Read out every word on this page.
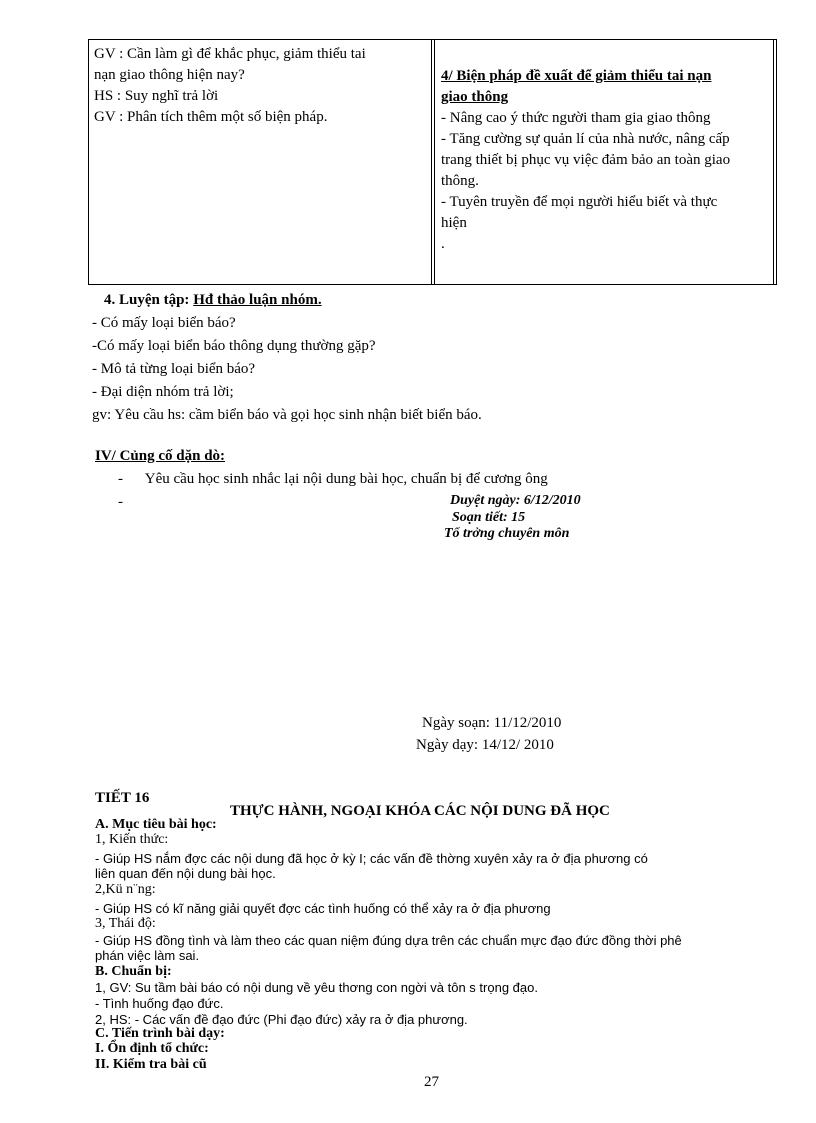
GV : Cần làm gì để khắc phục, giảm thiểu tai
nạn giao thông hiện nay?
HS : Suy nghĩ trả lời
GV : Phân tích thêm một số biện pháp.
4/ Biện pháp đề xuất để giảm thiểu tai nạn
giao thông
- Nâng cao ý thức người tham gia giao thông
- Tăng cường sự quản lí của nhà nước, nâng cấp
trang thiết bị phục vụ việc đảm bảo an toàn giao
thông.
- Tuyên truyền để mọi người hiểu biết và thực
hiện
.
4. Luyện tập: Hđ thảo luận nhóm.
- Có mấy loại biển báo?
-Có mấy loại biển báo thông dụng thường gặp?
- Mô tả từng loại biển báo?
- Đại diện nhóm trả lời;
gv: Yêu cầu hs: cầm biển báo và gọi học sinh nhận biết biển báo.
IV/ Củng cố dặn dò:
- Yêu cầu học sinh nhắc lại nội dung bài học, chuẩn bị để cương ông
-	Duyệt ngày: 6/12/2010
Soạn tiết: 15
Tổ trởng chuyên môn
Ngày soạn: 11/12/2010
Ngày dạy: 14/12/ 2010
TIẾT 16
THỰC HÀNH, NGOẠI KHÓA CÁC NỘI DUNG ĐÃ HỌC
A. Mục tiêu bài học:
1, Kiến thức:
- Giúp HS nắm đợc các nội dung đã học ở kỳ I; các vấn đề thờng xuyên xảy ra ở địa phương có
liên quan đến nội dung bài học.
2,Kü n¨ng:
- Giúp HS có kĩ năng giải quyết đợc các tình huống có thể xảy ra ở địa phương
3, Thái độ:
- Giúp HS đồng tình và làm theo các quan niệm đúng dựa trên các chuẩn mực đạo đức đồng thời phê
phán việc làm sai.
B. Chuẩn bị:
1, GV: Su tầm bài báo có nội dung về yêu thơng con ngời và tôn s trọng đạo.
- Tình huống đạo đức.
2, HS: - Các vấn đề đạo đức (Phi đạo đức) xảy ra ở địa phương.
C. Tiến trình bài dạy:
I. Ổn định tổ chức:
II. Kiểm tra bài cũ
27
